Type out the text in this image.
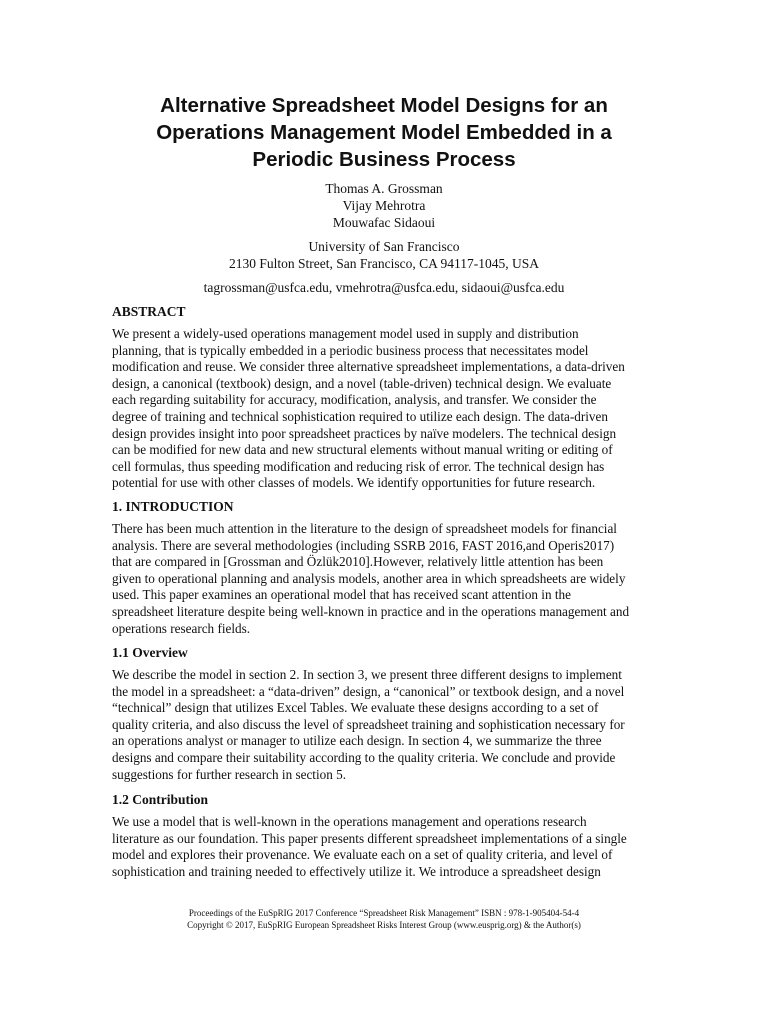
Alternative Spreadsheet Model Designs for an
Operations Management Model Embedded in a
Periodic Business Process

Thomas A. Grossman

Vijay Mehrotra

Mouwafac Sidaoui

University of San Francisco

2130 Fulton Street, San Francisco, CA 94117-1045, USA

tagrossman@usfca.edu, vmehrotra@usfca.edu, sidaoui@usfca.edu

ABSTRACT
We present a widely-used operations management model used in supply and distribution
planning, that is typically embedded in a periodic business process that necessitates model
modification and reuse. We consider three alternative spreadsheet implementations, a data-driven
design, a canonical (textbook) design, and a novel (table-driven) technical design. We evaluate
each regarding suitability for accuracy, modification, analysis, and transfer. We consider the
degree of training and technical sophistication required to utilize each design. The data-driven
design provides insight into poor spreadsheet practices by naïve modelers. The technical design
can be modified for new data and new structural elements without manual writing or editing of
cell formulas, thus speeding modification and reducing risk of error. The technical design has
potential for use with other classes of models. We identify opportunities for future research.
1. INTRODUCTION
There has been much attention in the literature to the design of spreadsheet models for financial
analysis. There are several methodologies (including SSRB 2016, FAST 2016,and Operis2017)
that are compared in [Grossman and Özlük2010].However, relatively little attention has been
given to operational planning and analysis models, another area in which spreadsheets are widely
used. This paper examines an operational model that has received scant attention in the
spreadsheet literature despite being well-known in practice and in the operations management and
operations research fields.
1.1 Overview
We describe the model in section 2. In section 3, we present three different designs to implement
the model in a spreadsheet: a “data-driven” design, a “canonical” or textbook design, and a novel
“technical” design that utilizes Excel Tables. We evaluate these designs according to a set of
quality criteria, and also discuss the level of spreadsheet training and sophistication necessary for
an operations analyst or manager to utilize each design. In section 4, we summarize the three
designs and compare their suitability according to the quality criteria. We conclude and provide
suggestions for further research in section 5.
1.2 Contribution
We use a model that is well-known in the operations management and operations research
literature as our foundation. This paper presents different spreadsheet implementations of a single
model and explores their provenance. We evaluate each on a set of quality criteria, and level of
sophistication and training needed to effectively utilize it. We introduce a spreadsheet design

Proceedings of the EuSpRIG 2017 Conference “Spreadsheet Risk Management” ISBN : 978-1-905404-54-4

Copyright © 2017, EuSpRIG European Spreadsheet Risks Interest Group (www.eusprig.org) & the Author(s)
